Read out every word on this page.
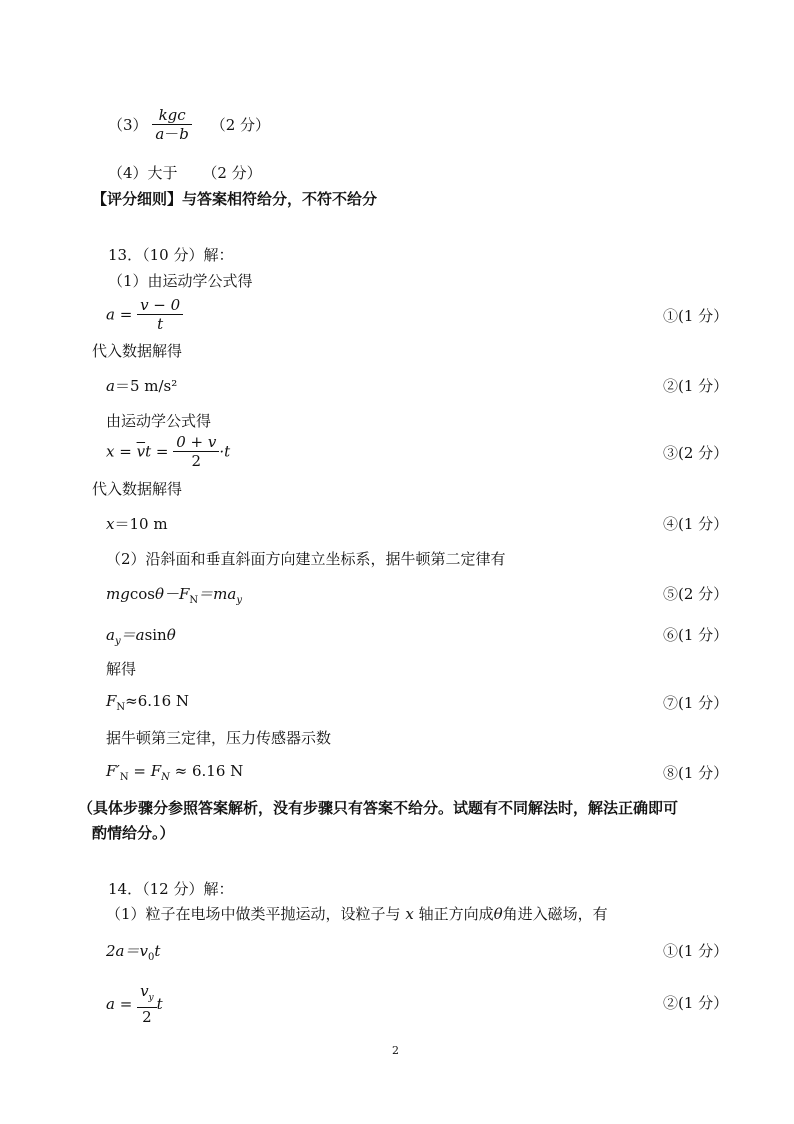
$(3) \frac{\text{kgc}}{a-b} (2$ 分）
（4）大于 （2 分）
【评分细则】与答案相符给分，不符不给分
13．（10 分）解：
（1）由运动学公式得
$a = \frac{v - 0}{t}$	①(1 分）
代入数据解得
a＝5 m/s²	②(1 分）
由运动学公式得
$x = \overline{v}t = \frac{0 + v}{2} \cdot t$	③(2 分）
代入数据解得
x＝10 m	④(1 分）
（2）沿斜面和垂直斜面方向建立坐标系，据牛顿第二定律有
$mgcos\theta-F_N=ma_y$	⑤(2 分）
$a_y=asin\theta$	⑥(1 分）
解得
$F_N\approx 6.16$ N	⑦(1 分）
据牛顿第三定律，压力传感器示数
$F'_N = F_N \approx 6.16$ N	⑧(1 分）
（具体步骤分参照答案解析，没有步骤只有答案不给分。试题有不同解法时，解法正确即可
酌情给分。）
14．（12 分）解：
（1）粒子在电场中做类平抛运动，设粒子与 x 轴正方向成θ角进入磁场，有
$2a=v_0t$	①(1 分）
$a = \frac{v_y}{2}$ t	②(1 分）
2
